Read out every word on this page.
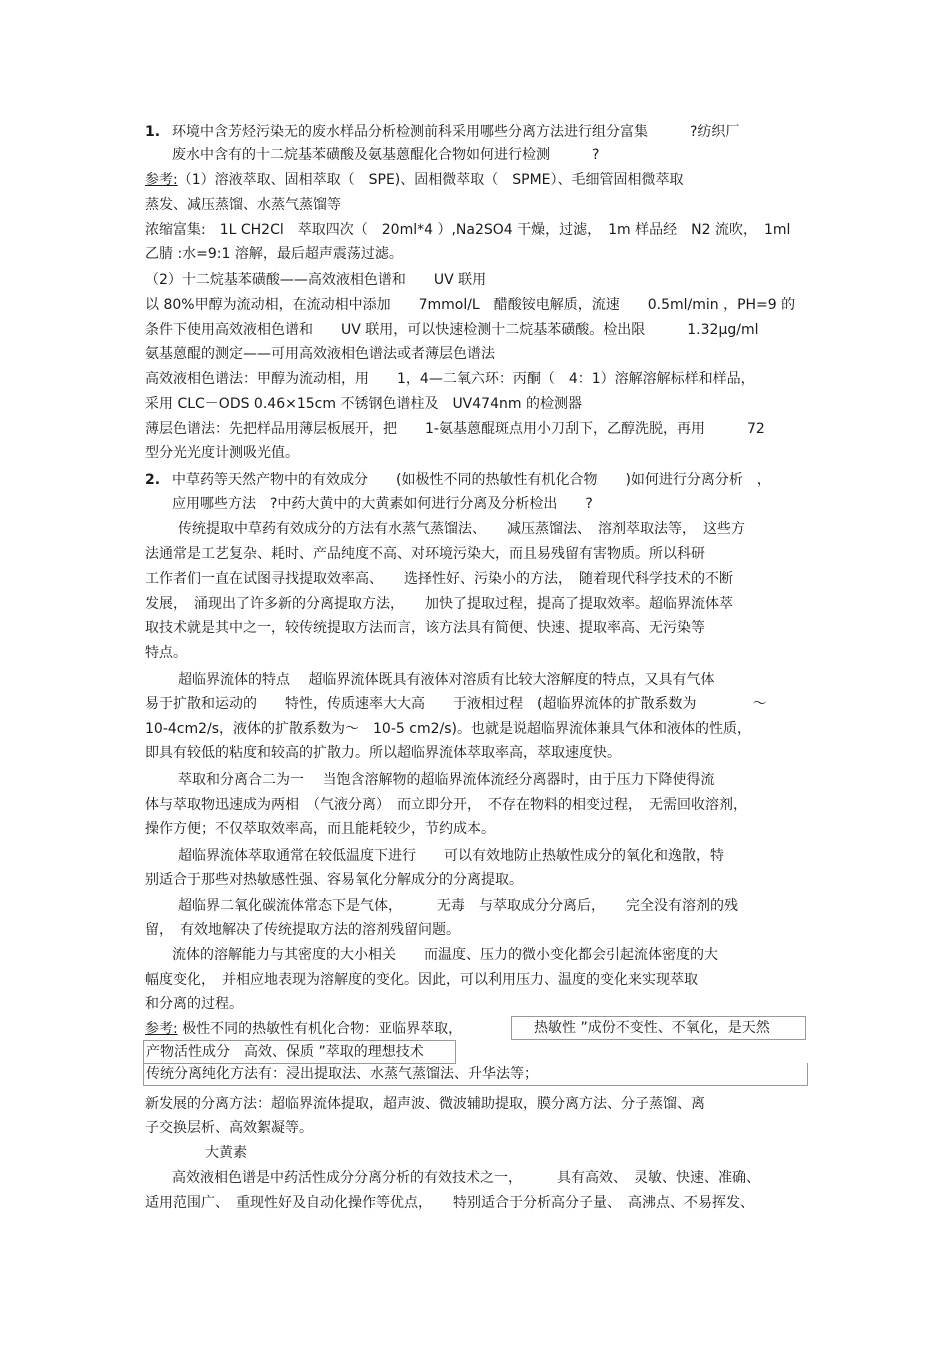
1. 环境中含芳烃污染无的废水样品分析检测前科采用哪些分离方法进行组分富集　　　?纺织厂
废水中含有的十二烷基苯磺酸及氨基蒽醌化合物如何进行检测　　　?
参考:（1）溶液萃取、固相萃取（　SPE)、固相微萃取（　SPME）、毛细管固相微萃取
蒸发、减压蒸馏、水蒸气蒸馏等
浓缩富集:　1L CH2Cl　萃取四次（　20ml*4 ）,Na2SO4 干燥，过滤，　1m 样品经　N2 流吹，　1ml
乙腈 :水=9:1 溶解，最后超声震荡过滤。
（2）十二烷基苯磺酸——高效液相色谱和　　UV 联用
以 80%甲醇为流动相，在流动相中添加　　7mmol/L　醋酸铵电解质，流速　　0.5ml/min ，PH=9 的
条件下使用高效液相色谱和　　UV 联用，可以快速检测十二烷基苯磺酸。检出限　　　1.32μg/ml
氨基蒽醌的测定——可用高效液相色谱法或者薄层色谱法
高效液相色谱法：甲醇为流动相，用　　1，4—二氧六环：丙酮（　4：1）溶解溶解标样和样品，
采用 CLC－ODS 0.46×15cm 不锈钢色谱柱及　UV474nm 的检测器
薄层色谱法：先把样品用薄层板展开，把　　1-氨基蒽醌斑点用小刀刮下，乙醇洗脱，再用　　　72
型分光光度计测吸光值。
2. 中草药等天然产物中的有效成分　　(如极性不同的热敏性有机化合物　　)如何进行分离分析　，
应用哪些方法　?中药大黄中的大黄素如何进行分离及分析检出　　?
传统提取中草药有效成分的方法有水蒸气蒸馏法、　　减压蒸馏法、　溶剂萃取法等，　这些方
法通常是工艺复杂、耗时、产品纯度不高、对环境污染大，而且易残留有害物质。所以科研
工作者们一直在试图寻找提取效率高、　　选择性好、污染小的方法，　随着现代科学技术的不断
发展，　涌现出了许多新的分离提取方法，　　加快了提取过程，提高了提取效率。超临界流体萃
取技术就是其中之一，较传统提取方法而言，该方法具有简便、快速、提取率高、无污染等
特点。
超临界流体的特点　 超临界流体既具有液体对溶质有比较大溶解度的特点，又具有气体
易于扩散和运动的　　特性，传质速率大大高　　于液相过程　(超临界流体的扩散系数为　　　　～
10-4cm2/s，液体的扩散系数为～　10-5 cm2/s)。也就是说超临界流体兼具气体和液体的性质，
即具有较低的粘度和较高的扩散力。所以超临界流体萃取率高，萃取速度快。
萃取和分离合二为一　 当饱含溶解物的超临界流体流经分离器时，由于压力下降使得流
体与萃取物迅速成为两相　（气液分离）　而立即分开，　不存在物料的相变过程，　无需回收溶剂，
操作方便；不仅萃取效率高，而且能耗较少，节约成本。
超临界流体萃取通常在较低温度下进行　　可以有效地防止热敏性成分的氧化和逸散，特
别适合于那些对热敏感性强、容易氧化分解成分的分离提取。
超临界二氧化碳流体常态下是气体，　　　无毒　与萃取成分分离后，　　完全没有溶剂的残
留，　有效地解决了传统提取方法的溶剂残留问题。
流体的溶解能力与其密度的大小相关　　而温度、压力的微小变化都会引起流体密度的大
幅度变化，　并相应地表现为溶解度的变化。因此，可以利用压力、温度的变化来实现萃取
和分离的过程。
参考: 极性不同的热敏性有机化合物：亚临界萃取，	热敏性 ”成份不变性、不氧化，是天然
产物活性成分　高效、保质 ”萃取的理想技术
传统分离纯化方法有：浸出提取法、水蒸气蒸馏法、升华法等；
新发展的分离方法：超临界流体提取，超声波、微波辅助提取，膜分离方法、分子蒸馏、离
子交换层析、高效絮凝等。
大黄素
高效液相色谱是中药活性成分分离分析的有效技术之一，　　　具有高效、　灵敏、快速、准确、
适用范围广、　重现性好及自动化操作等优点，　　特别适合于分析高分子量、　高沸点、不易挥发、
